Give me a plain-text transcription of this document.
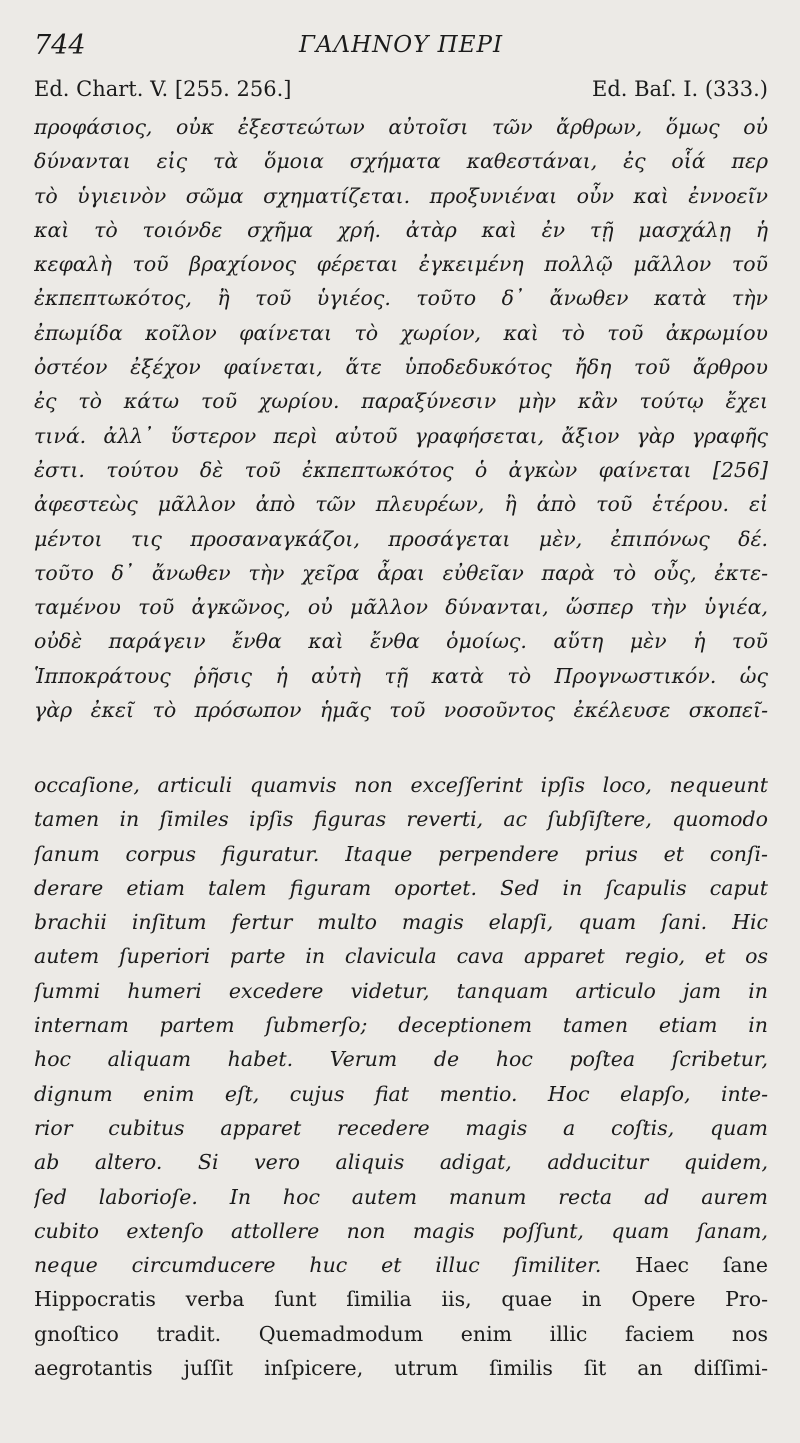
744	ΓΑΛΗΝΟΥ ΠΕΡΙ
Ed. Chart. V. [255. 256.]	Ed. Baſ. I. (333.)
προφάσιος, οὐκ ἐξεστεώτων αὐτοῖσι τῶν ἄρθρων, ὅμως οὐ
δύνανται εἰς τὰ ὅμοια σχήματα καθεστάναι, ἐς οἷά περ
τὸ ὑγιεινὸν σῶμα σχηματίζεται. προξυνιέναι οὖν καὶ ἐννοεῖν
καὶ τὸ τοιόνδε σχῆμα χρή. ἀτὰρ καὶ ἐν τῇ μασχάλῃ ἡ
κεφαλὴ τοῦ βραχίονος φέρεται ἐγκειμένη πολλῷ μᾶλλον τοῦ
ἐκπεπτωκότος, ἢ τοῦ ὑγιέος. τοῦτο δ᾽ ἄνωθεν κατὰ τὴν
ἐπωμίδα κοῖλον φαίνεται τὸ χωρίον, καὶ τὸ τοῦ ἀκρωμίου
ὀστέον ἐξέχον φαίνεται, ἅτε ὑποδεδυκότος ἤδη τοῦ ἄρθρου
ἐς τὸ κάτω τοῦ χωρίου. παραξύνεσιν μὴν κἂν τούτῳ ἔχει
τινά. ἀλλ᾽ ὕστερον περὶ αὐτοῦ γραφήσεται, ἄξιον γὰρ γραφῆς
ἐστι. τούτου δὲ τοῦ ἐκπεπτωκότος ὁ ἀγκὼν φαίνεται [256]
ἀφεστεὼς μᾶλλον ἀπὸ τῶν πλευρέων, ἢ ἀπὸ τοῦ ἑτέρου. εἰ
μέντοι τις προσαναγκάζοι, προσάγεται μὲν, ἐπιπόνως δέ.
τοῦτο δ᾽ ἄνωθεν τὴν χεῖρα ἆραι εὐθεῖαν παρὰ τὸ οὖς, ἐκτε-
ταμένου τοῦ ἀγκῶνος, οὐ μᾶλλον δύνανται, ὥσπερ τὴν ὑγιέα,
οὐδὲ παράγειν ἔνθα καὶ ἔνθα ὁμοίως. αὕτη μὲν ἡ τοῦ
Ἱπποκράτους ῥῆσις ἡ αὐτὴ τῇ κατὰ τὸ Προγνωστικόν. ὡς
γὰρ ἐκεῖ τὸ πρόσωπον ἡμᾶς τοῦ νοσοῦντος ἐκέλευσε σκοπεῖ-
occaſione, articuli quamvis non exceſſerint ipſis loco, nequeunt
tamen in ſimiles ipſis figuras reverti, ac ſubſiſtere, quomodo
ſanum corpus figuratur. Itaque perpendere prius et conſi-
derare etiam talem figuram oportet. Sed in ſcapulis caput
brachii inſitum fertur multo magis elapſi, quam ſani. Hic
autem ſuperiori parte in clavicula cava apparet regio, et os
ſummi humeri excedere videtur, tanquam articulo jam in
internam partem ſubmerſo; deceptionem tamen etiam in
hoc aliquam habet. Verum de hoc poſtea ſcribetur,
dignum enim eſt, cujus fiat mentio. Hoc elapſo, inte-
rior cubitus apparet recedere magis a coſtis, quam
ab altero. Si vero aliquis adigat, adducitur quidem,
ſed laborioſe. In hoc autem manum recta ad aurem
cubito extenſo attollere non magis poſſunt, quam ſanam,
neque circumducere huc et illuc ſimiliter. Haec ſane
Hippocratis verba ſunt ſimilia iis, quae in Opere Pro-
gnoſtico tradit. Quemadmodum enim illic faciem nos
aegrotantis juſſit inſpicere, utrum ſimilis ſit an diſſimi-
